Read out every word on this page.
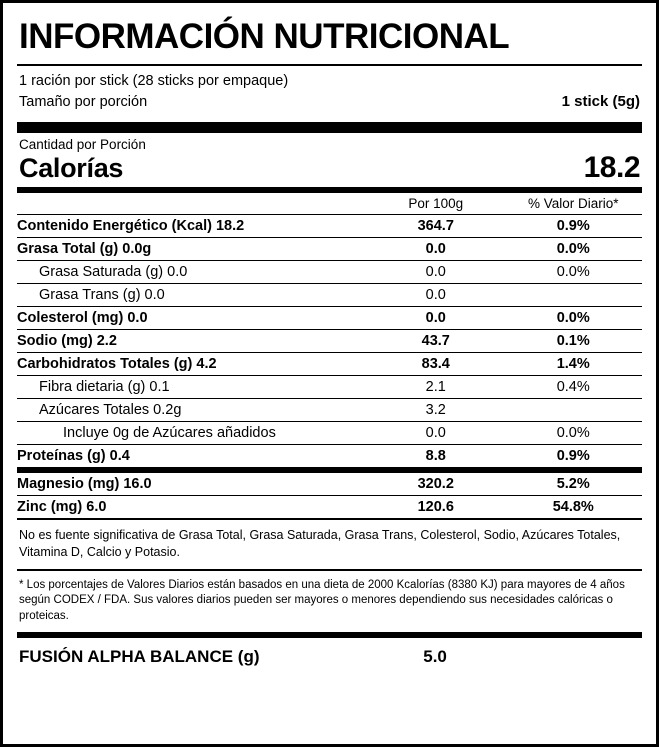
INFORMACIÓN NUTRICIONAL
1 ración por stick (28 sticks por empaque)
Tamaño por porción	1 stick (5g)
Cantidad por Porción
Calorías	18.2
	Por 100g	% Valor Diario*

Contenido Energético (Kcal) 18.2	364.7	0.9%

Grasa Total (g) 0.0g	0.0	0.0%

Grasa Saturada (g) 0.0	0.0	0.0%

Grasa Trans (g) 0.0	0.0	

Colesterol (mg) 0.0	0.0	0.0%

Sodio (mg) 2.2	43.7	0.1%

Carbohidratos Totales (g) 4.2	83.4	1.4%

Fibra dietaria (g) 0.1	2.1	0.4%

Azúcares Totales 0.2g	3.2	

Incluye 0g de Azúcares añadidos	0.0	0.0%

Proteínas (g) 0.4	8.8	0.9%
Magnesio (mg) 16.0	320.2	5.2%

Zinc (mg) 6.0	120.6	54.8%
No es fuente significativa de Grasa Total, Grasa Saturada, Grasa Trans, Colesterol, Sodio, Azúcares Totales, Vitamina D, Calcio y Potasio.
* Los porcentajes de Valores Diarios están basados en una dieta de 2000 Kcalorías (8380 KJ) para mayores de 4 años según CODEX / FDA. Sus valores diarios pueden ser mayores o menores dependiendo sus necesidades calóricas o proteicas.
FUSIÓN ALPHA BALANCE (g)	5.0
